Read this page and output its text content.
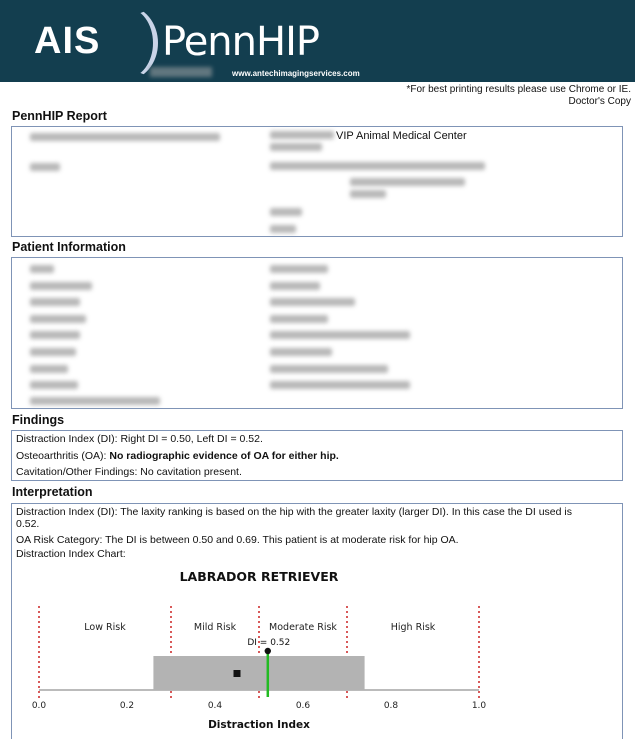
AIS PennHIP
www.antechimagingservices.com
*For best printing results please use Chrome or IE.
Doctor's Copy
PennHIP Report
VIP Animal Medical Center
Patient Information
Findings
Distraction Index (DI): Right DI = 0.50, Left DI = 0.52.
Osteoarthritis (OA): No radiographic evidence of OA for either hip.
Cavitation/Other Findings: No cavitation present.
Interpretation
Distraction Index (DI): The laxity ranking is based on the hip with the greater laxity (larger DI). In this case the DI used is
0.52.
OA Risk Category: The DI is between 0.50 and 0.69. This patient is at moderate risk for hip OA.
Distraction Index Chart:
LABRADOR RETRIEVER
Low Risk	Mild Risk	Moderate Risk	High Risk
DI = 0.52
0.0	0.2	0.4	0.6	0.8	1.0
Distraction Index
